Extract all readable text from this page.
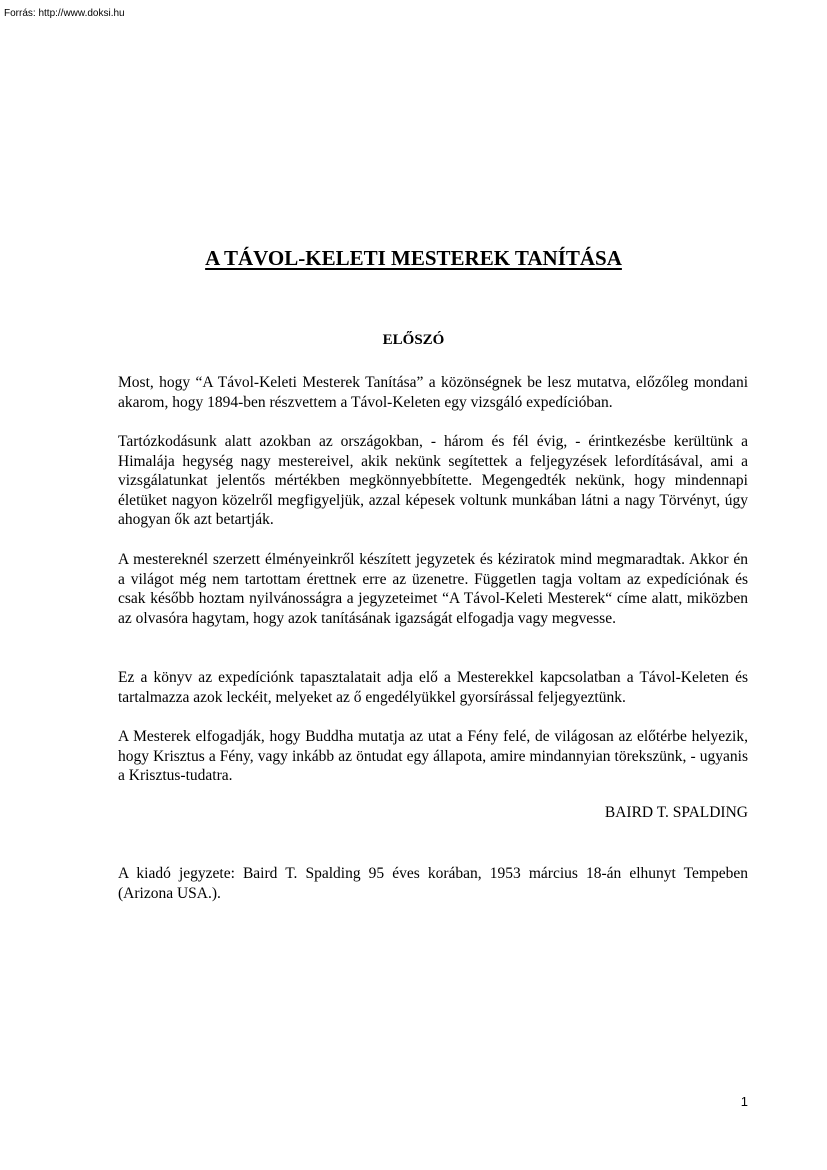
Forrás: http://www.doksi.hu
A TÁVOL-KELETI MESTEREK TANÍTÁSA
ELŐSZÓ

Most, hogy “A Távol-Keleti Mesterek Tanítása” a közönségnek be lesz mutatva, előzőleg mondani akarom, hogy 1894-ben részvettem a Távol-Keleten egy vizsgáló expedícióban.

Tartózkodásunk alatt azokban az országokban, - három és fél évig, - érintkezésbe kerültünk a Himalája hegység nagy mestereivel, akik nekünk segítettek a feljegyzések lefordításával, ami a vizsgálatunkat jelentős mértékben megkönnyebbítette. Megengedték nekünk, hogy mindennapi életüket nagyon közelről megfigyeljük, azzal képesek voltunk munkában látni a nagy Törvényt, úgy ahogyan ők azt betartják.

A mestereknél szerzett élményeinkről készített jegyzetek és kéziratok mind megmaradtak. Akkor én a világot még nem tartottam érettnek erre az üzenetre. Független tagja voltam az expedíciónak és csak később hoztam nyilvánosságra a jegyzeteimet “A Távol-Keleti Mesterek“ címe alatt, miközben az olvasóra hagytam, hogy azok tanításának igazságát elfogadja vagy megvesse.

Ez a könyv az expedíciónk tapasztalatait adja elő a Mesterekkel kapcsolatban a Távol-Keleten és tartalmazza azok leckéit, melyeket az ő engedélyükkel gyorsírással feljegyeztünk.

A Mesterek elfogadják, hogy Buddha mutatja az utat a Fény felé, de világosan az előtérbe helyezik, hogy Krisztus a Fény, vagy inkább az öntudat egy állapota, amire mindannyian törekszünk, - ugyanis a Krisztus-tudatra.

BAIRD T. SPALDING

A kiadó jegyzete: Baird T. Spalding 95 éves korában, 1953 március 18-án elhunyt Tempeben (Arizona USA.).

1
